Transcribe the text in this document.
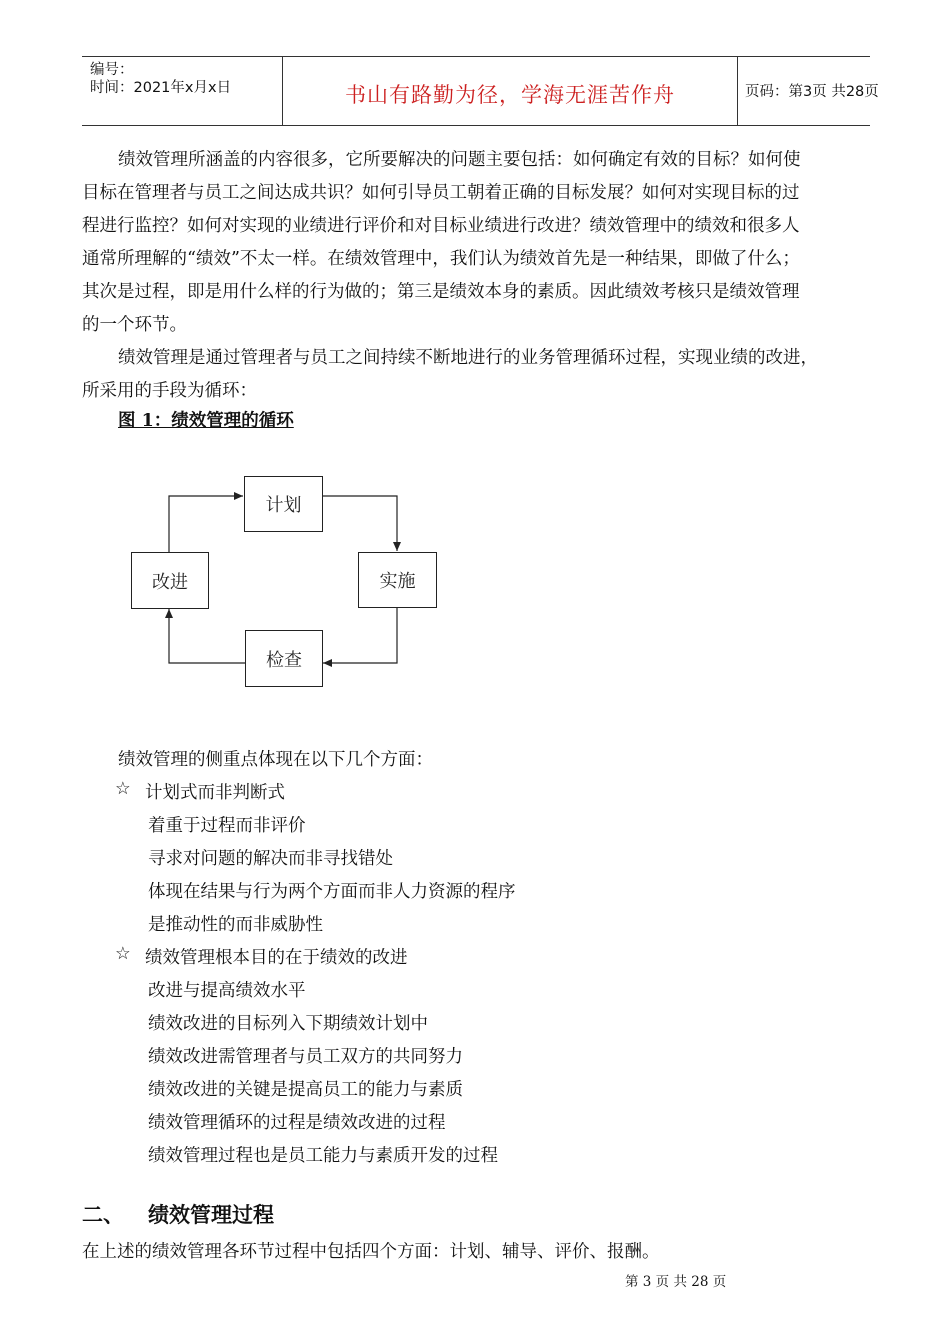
编号：
时间：2021年x月x日	书山有路勤为径，学海无涯苦作舟	页码：第3页 共28页
绩效管理所涵盖的内容很多，它所要解决的问题主要包括：如何确定有效的目标？如何使
目标在管理者与员工之间达成共识？如何引导员工朝着正确的目标发展？如何对实现目标的过
程进行监控？如何对实现的业绩进行评价和对目标业绩进行改进？绩效管理中的绩效和很多人
通常所理解的“绩效”不太一样。在绩效管理中，我们认为绩效首先是一种结果，即做了什么；
其次是过程，即是用什么样的行为做的；第三是绩效本身的素质。因此绩效考核只是绩效管理
的一个环节。
绩效管理是通过管理者与员工之间持续不断地进行的业务管理循环过程，实现业绩的改进，
所采用的手段为循环：
图 1：绩效管理的循环
计划
实施
检查
改进
绩效管理的侧重点体现在以下几个方面：
☆ 计划式而非判断式
着重于过程而非评价
寻求对问题的解决而非寻找错处
体现在结果与行为两个方面而非人力资源的程序
是推动性的而非威胁性
☆ 绩效管理根本目的在于绩效的改进
改进与提高绩效水平
绩效改进的目标列入下期绩效计划中
绩效改进需管理者与员工双方的共同努力
绩效改进的关键是提高员工的能力与素质
绩效管理循环的过程是绩效改进的过程
绩效管理过程也是员工能力与素质开发的过程
二、 绩效管理过程
在上述的绩效管理各环节过程中包括四个方面：计划、辅导、评价、报酬。
第 3 页 共 28 页
